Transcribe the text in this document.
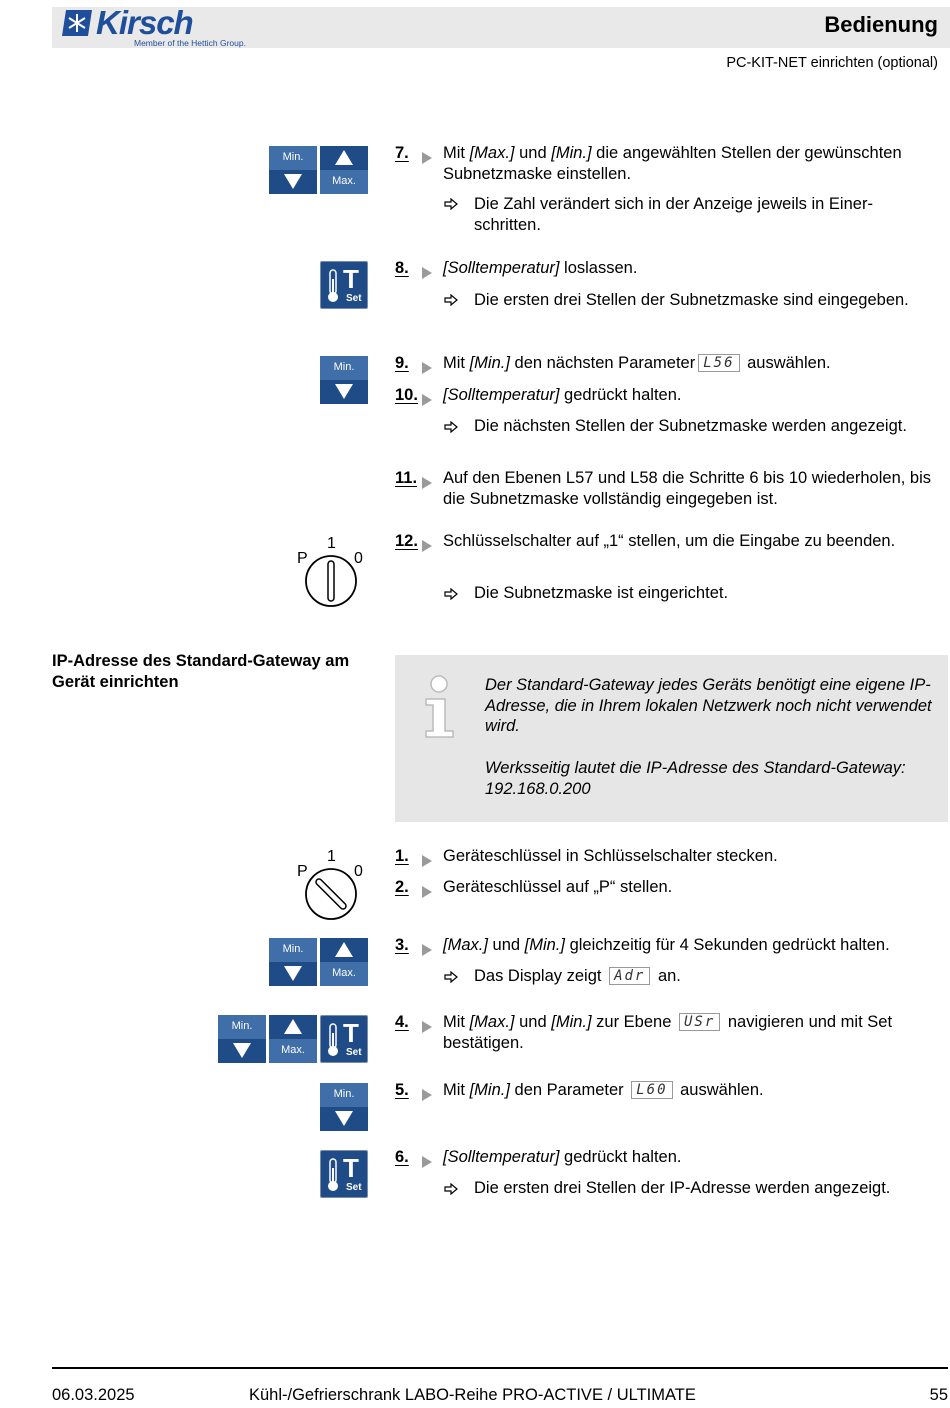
Kirsch
Member of the Hettich Group.
Bedienung
PC-KIT-NET einrichten (optional)
Min.
Max.
7. Mit [Max.] und [Min.] die angewählten Stellen der gewünschten Subnetzmaske einstellen.
Die Zahl verändert sich in der Anzeige jeweils in Einerschritten.
T
Set
8. [Solltemperatur] loslassen.
Die ersten drei Stellen der Subnetzmaske sind eingegeben.
Min.	9. Mit [Min.] den nächsten Parameter L56 auswählen.
10. [Solltemperatur] gedrückt halten.
Die nächsten Stellen der Subnetzmaske werden angezeigt.
11. Auf den Ebenen L57 und L58 die Schritte 6 bis 10 wiederholen, bis die Subnetzmaske vollständig eingegeben ist.
P
1
0
12. Schlüsselschalter auf „1“ stellen, um die Eingabe zu beenden.
Die Subnetzmaske ist eingerichtet.
IP-Adresse des Standard-Gateway am Gerät einrichten	Der Standard-Gateway jedes Geräts benötigt eine eigene IP-Adresse, die in Ihrem lokalen Netzwerk noch nicht verwendet wird.
Werksseitig lautet die IP-Adresse des Standard-Gateway: 192.168.0.200
P
1
0
1. Geräteschlüssel in Schlüsselschalter stecken.
2. Geräteschlüssel auf „P“ stellen.
Min.
Max.
3. [Max.] und [Min.] gleichzeitig für 4 Sekunden gedrückt halten.
Das Display zeigt Adr an.
Min.
Max.
T
Set
4. Mit [Max.] und [Min.] zur Ebene USr navigieren und mit Set bestätigen.
Min.	5. Mit [Min.] den Parameter L60 auswählen.
T
Set
6. [Solltemperatur] gedrückt halten.
Die ersten drei Stellen der IP-Adresse werden angezeigt.
06.03.2025	Kühl-/Gefrierschrank LABO-Reihe PRO-ACTIVE / ULTIMATE	55
